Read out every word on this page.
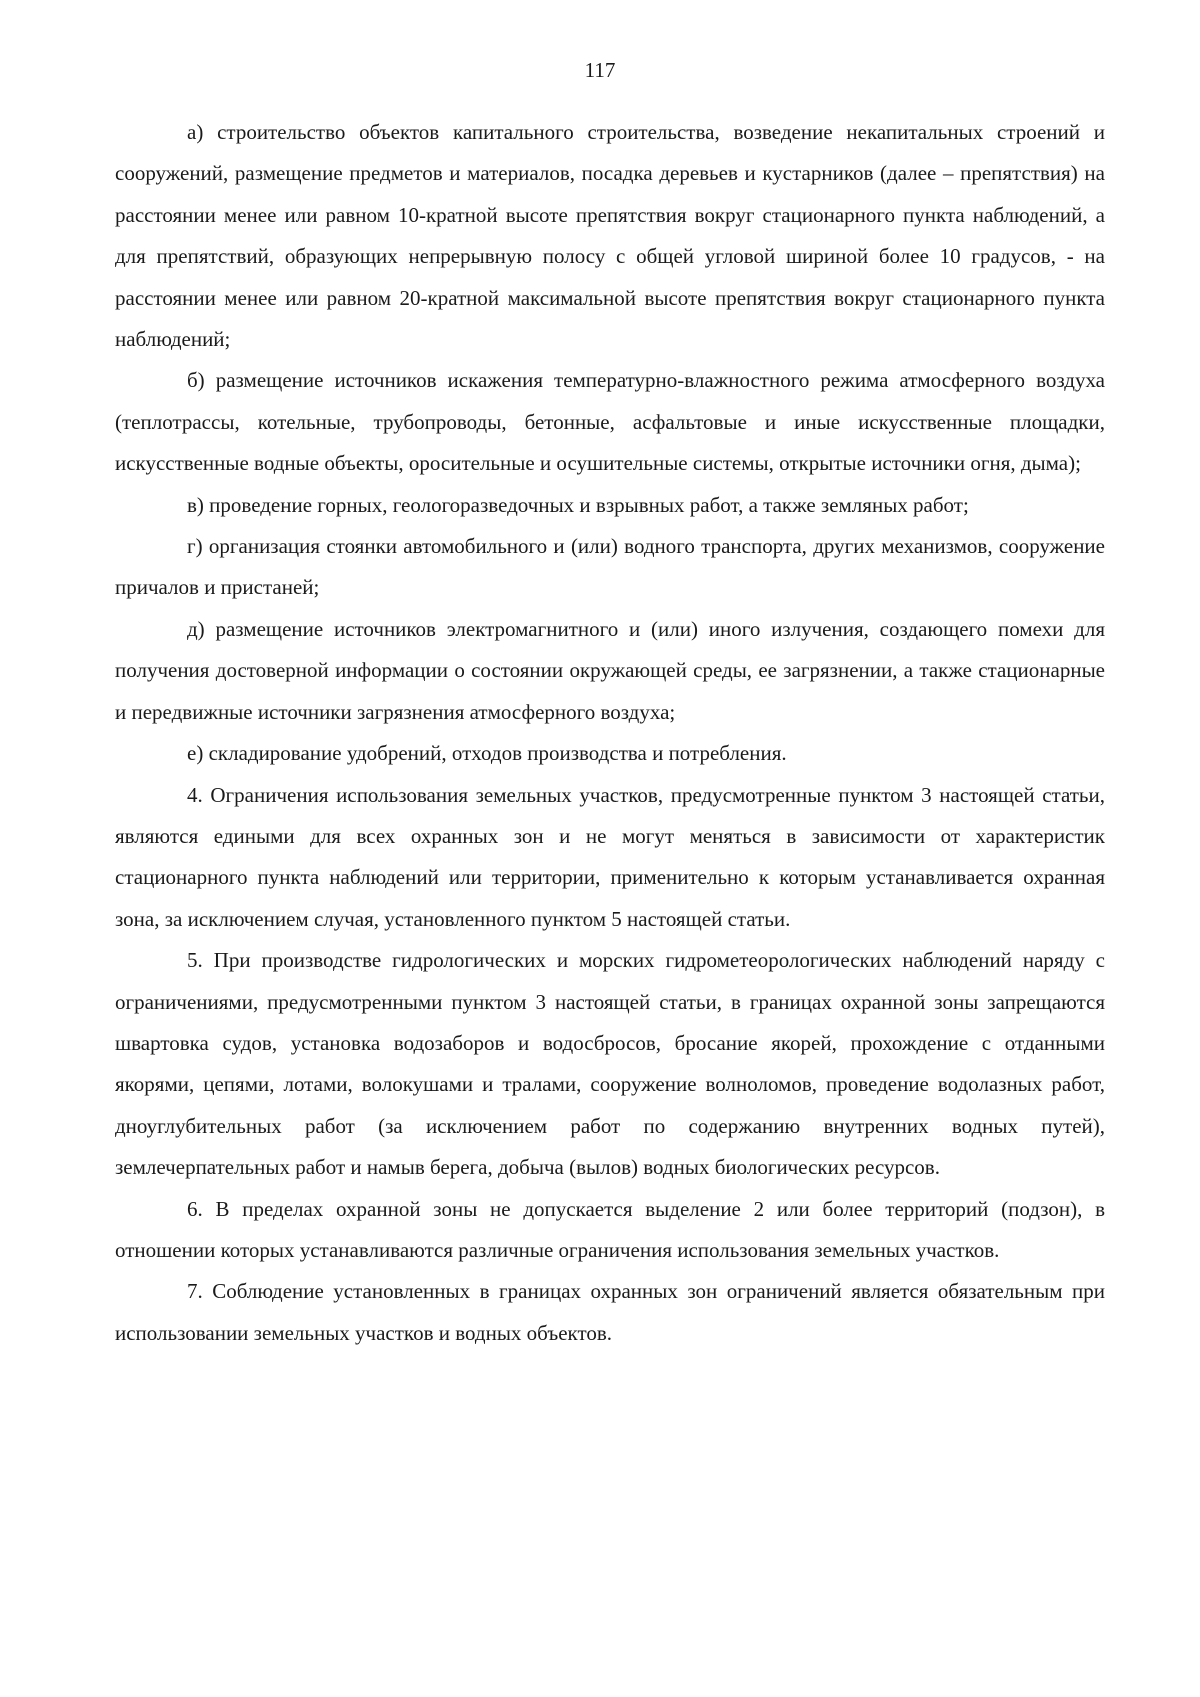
117

а) строительство объектов капитального строительства, возведение некапитальных строений и сооружений, размещение предметов и материалов, посадка деревьев и кустарников (далее – препятствия) на расстоянии менее или равном 10-кратной высоте препятствия вокруг стационарного пункта наблюдений, а для препятствий, образующих непрерывную полосу с общей угловой шириной более 10 градусов, - на расстоянии менее или равном 20-кратной максимальной высоте препятствия вокруг стационарного пункта наблюдений;

б) размещение источников искажения температурно-влажностного режима атмосферного воздуха (теплотрассы, котельные, трубопроводы, бетонные, асфальтовые и иные искусственные площадки, искусственные водные объекты, оросительные и осушительные системы, открытые источники огня, дыма);

в) проведение горных, геологоразведочных и взрывных работ, а также земляных работ;

г) организация стоянки автомобильного и (или) водного транспорта, других механизмов, сооружение причалов и пристаней;

д) размещение источников электромагнитного и (или) иного излучения, создающего помехи для получения достоверной информации о состоянии окружающей среды, ее загрязнении, а также стационарные и передвижные источники загрязнения атмосферного воздуха;

е) складирование удобрений, отходов производства и потребления.

4. Ограничения использования земельных участков, предусмотренные пунктом 3 настоящей статьи, являются едиными для всех охранных зон и не могут меняться в зависимости от характеристик стационарного пункта наблюдений или территории, применительно к которым устанавливается охранная зона, за исключением случая, установленного пунктом 5 настоящей статьи.

5. При производстве гидрологических и морских гидрометеорологических наблюдений наряду с ограничениями, предусмотренными пунктом 3 настоящей статьи, в границах охранной зоны запрещаются швартовка судов, установка водозаборов и водосбросов, бросание якорей, прохождение с отданными якорями, цепями, лотами, волокушами и тралами, сооружение волноломов, проведение водолазных работ, дноуглубительных работ (за исключением работ по содержанию внутренних водных путей), землечерпательных работ и намыв берега, добыча (вылов) водных биологических ресурсов.

6. В пределах охранной зоны не допускается выделение 2 или более территорий (подзон), в отношении которых устанавливаются различные ограничения использования земельных участков.

7. Соблюдение установленных в границах охранных зон ограничений является обязательным при использовании земельных участков и водных объектов.
